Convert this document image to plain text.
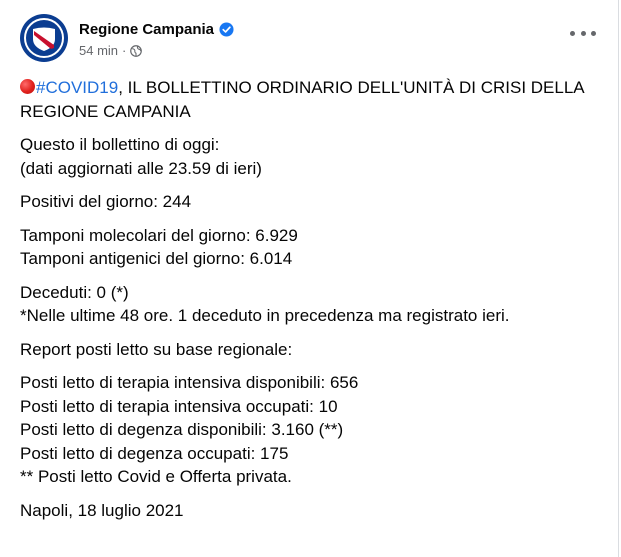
Regione Campania
54 min ·
#COVID19, IL BOLLETTINO ORDINARIO DELL'UNITÀ DI CRISI DELLA
REGIONE CAMPANIA
Questo il bollettino di oggi:
(dati aggiornati alle 23.59 di ieri)
Positivi del giorno: 244
Tamponi molecolari del giorno: 6.929
Tamponi antigenici del giorno: 6.014
Deceduti: 0 (*)
*Nelle ultime 48 ore. 1 deceduto in precedenza ma registrato ieri.
Report posti letto su base regionale:
Posti letto di terapia intensiva disponibili: 656
Posti letto di terapia intensiva occupati: 10
Posti letto di degenza disponibili: 3.160 (**)
Posti letto di degenza occupati: 175
** Posti letto Covid e Offerta privata.
Napoli, 18 luglio 2021
